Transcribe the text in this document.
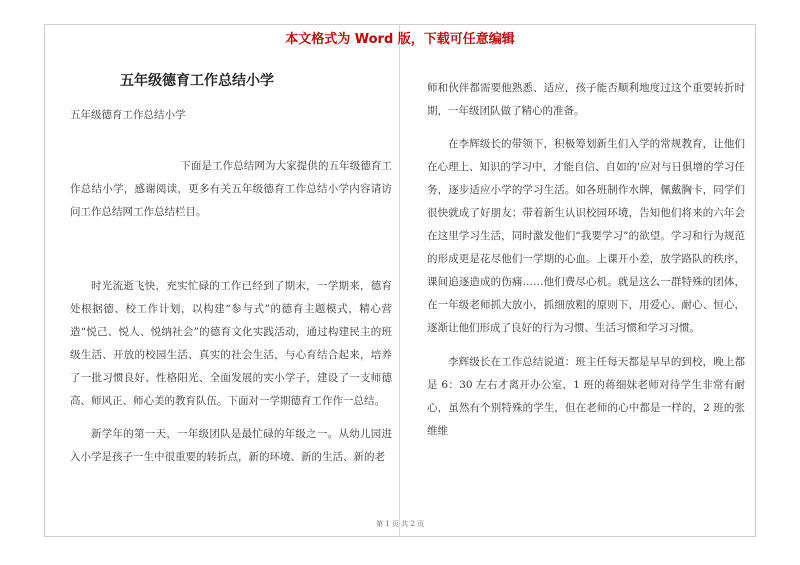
本文格式为 Word 版，下载可任意编辑
五年级德育工作总结小学
五年级德育工作总结小学

下面是工作总结网为大家提供的五年级德育工作总结小学，感谢阅读，更多有关五年级德育工作总结小学内容请访问工作总结网工作总结栏目。

时光流逝飞快，充实忙碌的工作已经到了期末，一学期来，德育处根据德、校工作计划，以构建“参与式”的德育主题模式，精心营造“悦己、悦人、悦纳社会”的德育文化实践活动，通过构建民主的班级生活、开放的校园生活、真实的社会生活，与心育结合起来，培养了一批习惯良好、性格阳光、全面发展的实小学子，建设了一支师德高、师风正、师心美的教育队伍。下面对一学期德育工作作一总结。

新学年的第一天，一年级团队是最忙碌的年级之一。从幼儿园进入小学是孩子一生中很重要的转折点，新的环境、新的生活、新的老

师和伙伴都需要他熟悉、适应，孩子能否顺利地度过这个重要转折时期，一年级团队做了精心的准备。

在李辉级长的带领下，积极筹划新生们入学的常规教育，让他们在心理上、知识的学习中，才能自信、自如的'应对与日俱增的学习任务，逐步适应小学的学习生活。如各班制作水牌，佩戴胸卡，同学们很快就成了好朋友；带着新生认识校园环境，告知他们将来的六年会在这里学习生活，同时激发他们“我要学习”的欲望。学习和行为规范的形成更是花尽他们一学期的心血。上课开小差，放学路队的秩序，课间追逐造成的伤痛……他们费尽心机。就是这么一群特殊的团体，在一年级老师抓大放小，抓细放粗的原则下，用爱心、耐心、恒心，逐渐让他们形成了良好的行为习惯、生活习惯和学习习惯。

李辉级长在工作总结说道：班主任每天都是早早的到校，晚上都是 6：30 左右才离开办公室，1 班的蒋细妹老师对待学生非常有耐心，虽然有个别特殊的学生，但在老师的心中都是一样的，2 班的张维维

第 1 页 共 2 页
